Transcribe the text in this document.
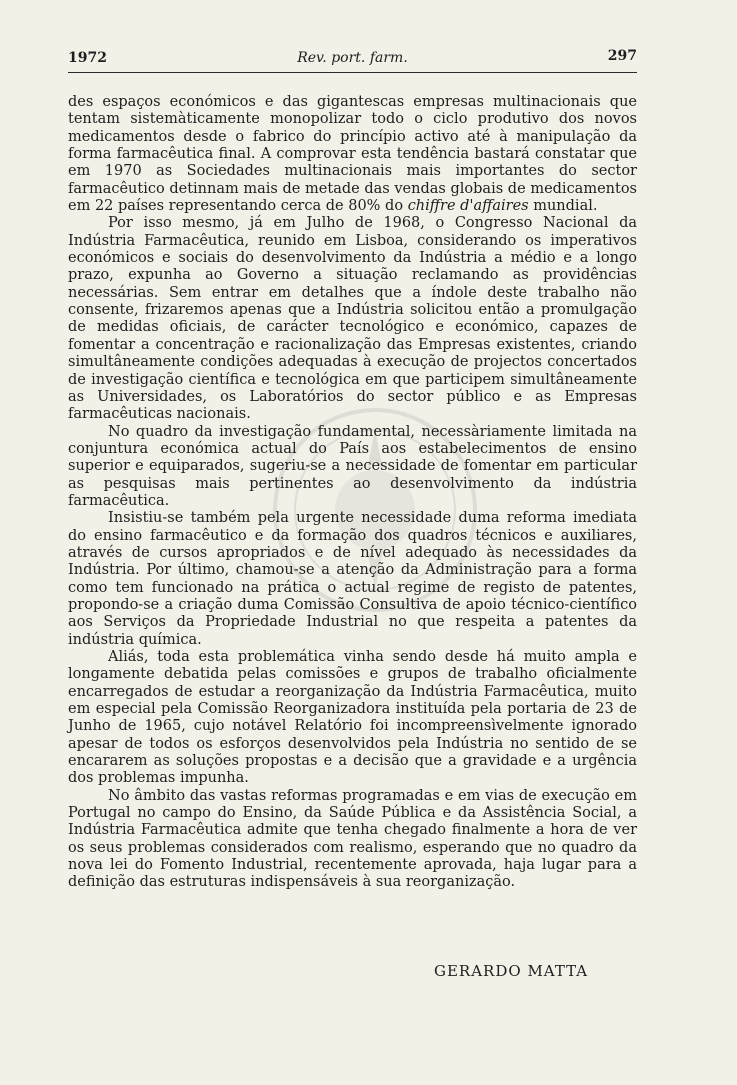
1972	Rev. port. farm.	297

des espaços económicos e das gigantescas empresas multinacionais que tentam sistemàticamente monopolizar todo o ciclo produtivo dos novos medicamentos desde o fabrico do princípio activo até à manipulação da forma farmacêutica final. A comprovar esta tendência bastará constatar que em 1970 as Sociedades multinacionais mais importantes do sector farmacêutico detinnam mais de metade das vendas globais de medicamentos em 22 países representando cerca de 80% do chiffre d'affaires mundial.

Por isso mesmo, já em Julho de 1968, o Congresso Nacional da Indústria Farmacêutica, reunido em Lisboa, considerando os imperativos económicos e sociais do desenvolvimento da Indústria a médio e a longo prazo, expunha ao Governo a situação reclamando as providências necessárias. Sem entrar em detalhes que a índole deste trabalho não consente, frizaremos apenas que a Indústria solicitou então a promulgação de medidas oficiais, de carácter tecnológico e económico, capazes de fomentar a concentração e racionalização das Empresas existentes, criando simultâneamente condições adequadas à execução de projectos concertados de investigação científica e tecnológica em que participem simultâneamente as Universidades, os Laboratórios do sector público e as Empresas farmacêuticas nacionais.

No quadro da investigação fundamental, necessàriamente limitada na conjuntura económica actual do País aos estabelecimentos de ensino superior e equiparados, sugeriu-se a necessidade de fomentar em particular as pesquisas mais pertinentes ao desenvolvimento da indústria farmacêutica.

Insistiu-se também pela urgente necessidade duma reforma imediata do ensino farmacêutico e da formação dos quadros técnicos e auxiliares, através de cursos apropriados e de nível adequado às necessidades da Indústria. Por último, chamou-se a atenção da Administração para a forma como tem funcionado na prática o actual regime de registo de patentes, propondo-se a criação duma Comissão Consultiva de apoio técnico-científico aos Serviços da Propriedade Industrial no que respeita a patentes da indústria química.

Aliás, toda esta problemática vinha sendo desde há muito ampla e longamente debatida pelas comissões e grupos de trabalho oficialmente encarregados de estudar a reorganização da Indústria Farmacêutica, muito em especial pela Comissão Reorganizadora instituída pela portaria de 23 de Junho de 1965, cujo notável Relatório foi incompreensìvelmente ignorado apesar de todos os esforços desenvolvidos pela Indústria no sentido de se encararem as soluções propostas e a decisão que a gravidade e a urgência dos problemas impunha.

No âmbito das vastas reformas programadas e em vias de execução em Portugal no campo do Ensino, da Saúde Pública e da Assistência Social, a Indústria Farmacêutica admite que tenha chegado finalmente a hora de ver os seus problemas considerados com realismo, esperando que no quadro da nova lei do Fomento Industrial, recentemente aprovada, haja lugar para a definição das estruturas indispensáveis à sua reorganização.

GERARDO MATTA
